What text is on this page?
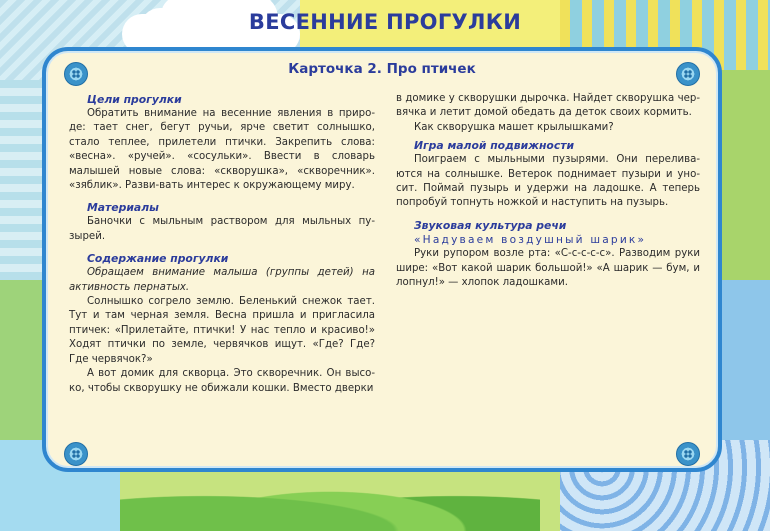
ВЕСЕННИЕ ПРОГУЛКИ
Карточка 2. Про птичек
Цели прогулки
Обратить внимание на весенние явления в приро-де: тает снег, бегут ручьи, ярче светит солнышко, стало теплее, прилетели птички. Закрепить слова: «весна». «ручей». «сосульки». Ввести в словарь малышей новые слова: «скворушка», «скворечник». «зяблик». Разви-вать интерес к окружающему миру.
Материалы
Баночки с мыльным раствором для мыльных пу-зырей.
Содержание прогулки
Обращаем внимание малыша (группы детей) на активность пернатых.
Солнышко согрело землю. Беленький снежок тает. Тут и там черная земля. Весна пришла и пригласила птичек: «Прилетайте, птички! У нас тепло и красиво!» Ходят птички по земле, червячков ищут. «Где? Где? Где червячок?»
А вот домик для скворца. Это скворечник. Он высо-ко, чтобы скворушку не обижали кошки. Вместо дверки
в домике у скворушки дырочка. Найдет скворушка чер-вячка и летит домой обедать да деток своих кормить.
Как скворушка машет крылышками?
Игра малой подвижности
Поиграем с мыльными пузырями. Они перелива-ются на солнышке. Ветерок поднимает пузыри и уно-сит. Поймай пузырь и удержи на ладошке. А теперь попробуй топнуть ножкой и наступить на пузырь.
Звуковая культура речи
«Надуваем воздушный шарик»
Руки рупором возле рта: «С-с-с-с-с». Разводим руки шире: «Вот какой шарик большой!» «А шарик — бум, и лопнул!» — хлопок ладошками.
